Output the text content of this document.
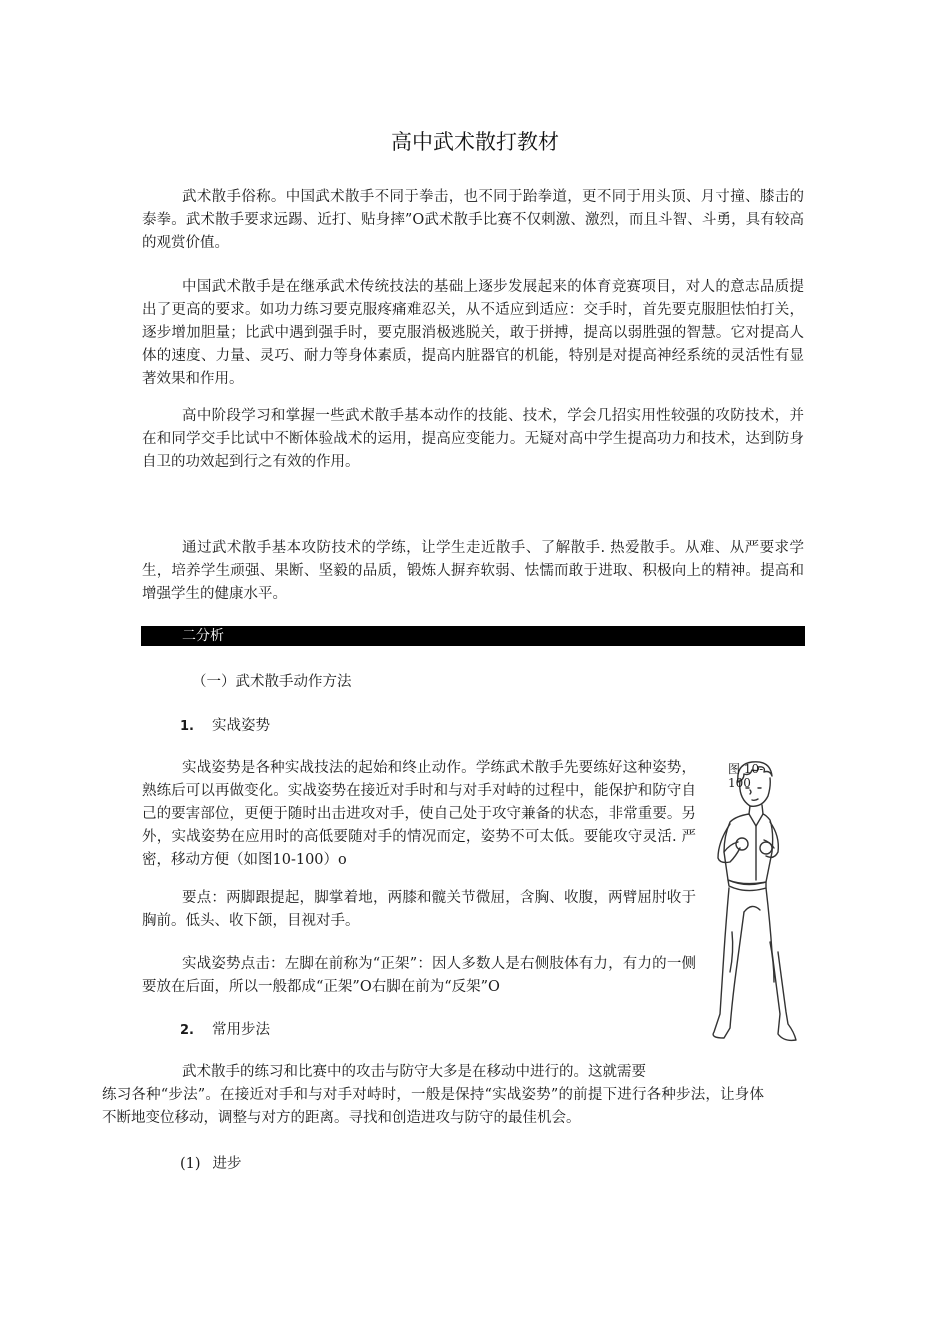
高中武术散打教材

武术散手俗称。中国武术散手不同于拳击，也不同于跆拳道，更不同于用头顶、月寸撞、膝击的泰拳。武术散手要求远踢、近打、贴身摔”O武术散手比赛不仅刺激、激烈，而且斗智、斗勇，具有较高的观赏价值。

中国武术散手是在继承武术传统技法的基础上逐步发展起来的体育竞赛项目，对人的意志品质提出了更高的要求。如功力练习要克服疼痛难忍关，从不适应到适应：交手时，首先要克服胆怯怕打关，逐步增加胆量；比武中遇到强手时，要克服消极逃脱关，敢于拼搏，提高以弱胜强的智慧。它对提高人体的速度、力量、灵巧、耐力等身体素质，提高内脏器官的机能，特别是对提高神经系统的灵活性有显著效果和作用。

高中阶段学习和掌握一些武术散手基本动作的技能、技术，学会几招实用性较强的攻防技术，并在和同学交手比试中不断体验战术的运用，提高应变能力。无疑对高中学生提高功力和技术，达到防身自卫的功效起到行之有效的作用。

通过武术散手基本攻防技术的学练，让学生走近散手、了解散手. 热爱散手。从难、从严要求学生，培养学生顽强、果断、坚毅的品质，锻炼人摒弃软弱、怯懦而敢于进取、积极向上的精神。提高和增强学生的健康水平。

二分析
（一）武术散手动作方法
1. 实战姿势

实战姿势是各种实战技法的起始和终止动作。学练武术散手先要练好这种姿势，熟练后可以再做变化。实战姿势在接近对手时和与对手对峙的过程中，能保护和防守自己的要害部位，更便于随时出击进攻对手，使自己处于攻守兼备的状态，非常重要。另外，实战姿势在应用时的高低要随对手的情况而定，姿势不可太低。要能攻守灵活. 严密，移动方便（如图10-100）o

要点：两脚跟提起，脚掌着地，两膝和髋关节微屈，含胸、收腹，两臂屈肘收于胸前。低头、收下颌，目视对手。

实战姿势点击：左脚在前称为“正架”：因人多数人是右侧肢体有力，有力的一侧要放在后面，所以一般都成“正架”O右脚在前为“反架”O

2. 常用步法

武术散手的练习和比赛中的攻击与防守大多是在移动中进行的。这就需要
练习各种“步法”。在接近对手和与对手对峙时，一般是保持“实战姿势”的前提下进行各种步法，让身体不断地变位移动，调整与对方的距离。寻找和创造进攻与防守的最佳机会。

(1) 进步
图 10-100
